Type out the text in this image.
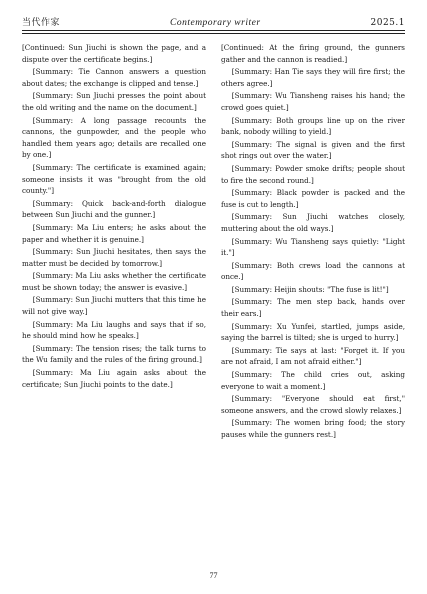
当代作家	Contemporary writer	2025.1

[Continued: Sun Jiuchi is shown the page, and a dispute over the certificate begins.]

[Summary: Tie Cannon answers a question about dates; the exchange is clipped and tense.]

[Summary: Sun Jiuchi presses the point about the old writing and the name on the document.]

[Summary: A long passage recounts the cannons, the gunpowder, and the people who handled them years ago; details are recalled one by one.]

[Summary: The certificate is examined again; someone insists it was "brought from the old county."]

[Summary: Quick back-and-forth dialogue between Sun Jiuchi and the gunner.]

[Summary: Ma Liu enters; he asks about the paper and whether it is genuine.]

[Summary: Sun Jiuchi hesitates, then says the matter must be decided by tomorrow.]

[Summary: Ma Liu asks whether the certificate must be shown today; the answer is evasive.]

[Summary: Sun Jiuchi mutters that this time he will not give way.]

[Summary: Ma Liu laughs and says that if so, he should mind how he speaks.]

[Summary: The tension rises; the talk turns to the Wu family and the rules of the firing ground.]

[Summary: Ma Liu again asks about the certificate; Sun Jiuchi points to the date.]

[Continued: At the firing ground, the gunners gather and the cannon is readied.]

[Summary: Han Tie says they will fire first; the others agree.]

[Summary: Wu Tiansheng raises his hand; the crowd goes quiet.]

[Summary: Both groups line up on the river bank, nobody willing to yield.]

[Summary: The signal is given and the first shot rings out over the water.]

[Summary: Powder smoke drifts; people shout to fire the second round.]

[Summary: Black powder is packed and the fuse is cut to length.]

[Summary: Sun Jiuchi watches closely, muttering about the old ways.]

[Summary: Wu Tiansheng says quietly: "Light it."]

[Summary: Both crews load the cannons at once.]

[Summary: Heijin shouts: "The fuse is lit!"]

[Summary: The men step back, hands over their ears.]

[Summary: Xu Yunfei, startled, jumps aside, saying the barrel is tilted; she is urged to hurry.]

[Summary: Tie says at last: "Forget it. If you are not afraid, I am not afraid either."]

[Summary: The child cries out, asking everyone to wait a moment.]

[Summary: "Everyone should eat first," someone answers, and the crowd slowly relaxes.]

[Summary: The women bring food; the story pauses while the gunners rest.]

77
